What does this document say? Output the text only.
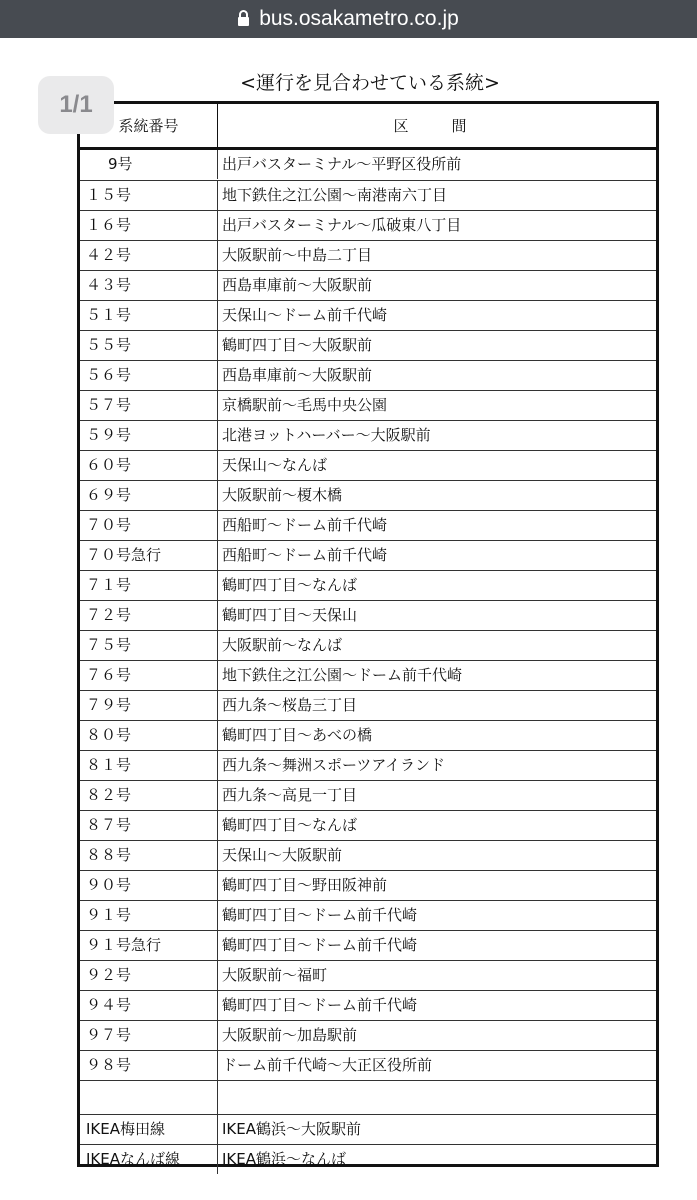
bus.osakametro.co.jp
<運行を見合わせている系統>
系統番号	区　間
9号	出戸バスターミナル～平野区役所前
１５号	地下鉄住之江公園～南港南六丁目
１６号	出戸バスターミナル～瓜破東八丁目
４２号	大阪駅前～中島二丁目
４３号	西島車庫前～大阪駅前
５１号	天保山～ドーム前千代崎
５５号	鶴町四丁目～大阪駅前
５６号	西島車庫前～大阪駅前
５７号	京橋駅前～毛馬中央公園
５９号	北港ヨットハーバー～大阪駅前
６０号	天保山～なんば
６９号	大阪駅前～榎木橋
７０号	西船町～ドーム前千代崎
７０号急行	西船町～ドーム前千代崎
７１号	鶴町四丁目～なんば
７２号	鶴町四丁目～天保山
７５号	大阪駅前～なんば
７６号	地下鉄住之江公園～ドーム前千代崎
７９号	西九条～桜島三丁目
８０号	鶴町四丁目～あべの橋
８１号	西九条～舞洲スポーツアイランド
８２号	西九条～高見一丁目
８７号	鶴町四丁目～なんば
８８号	天保山～大阪駅前
９０号	鶴町四丁目～野田阪神前
９１号	鶴町四丁目～ドーム前千代崎
９１号急行	鶴町四丁目～ドーム前千代崎
９２号	大阪駅前～福町
９４号	鶴町四丁目～ドーム前千代崎
９７号	大阪駅前～加島駅前
９８号	ドーム前千代崎～大正区役所前
IKEA梅田線	IKEA鶴浜～大阪駅前
IKEAなんば線	IKEA鶴浜～なんば
1/1
